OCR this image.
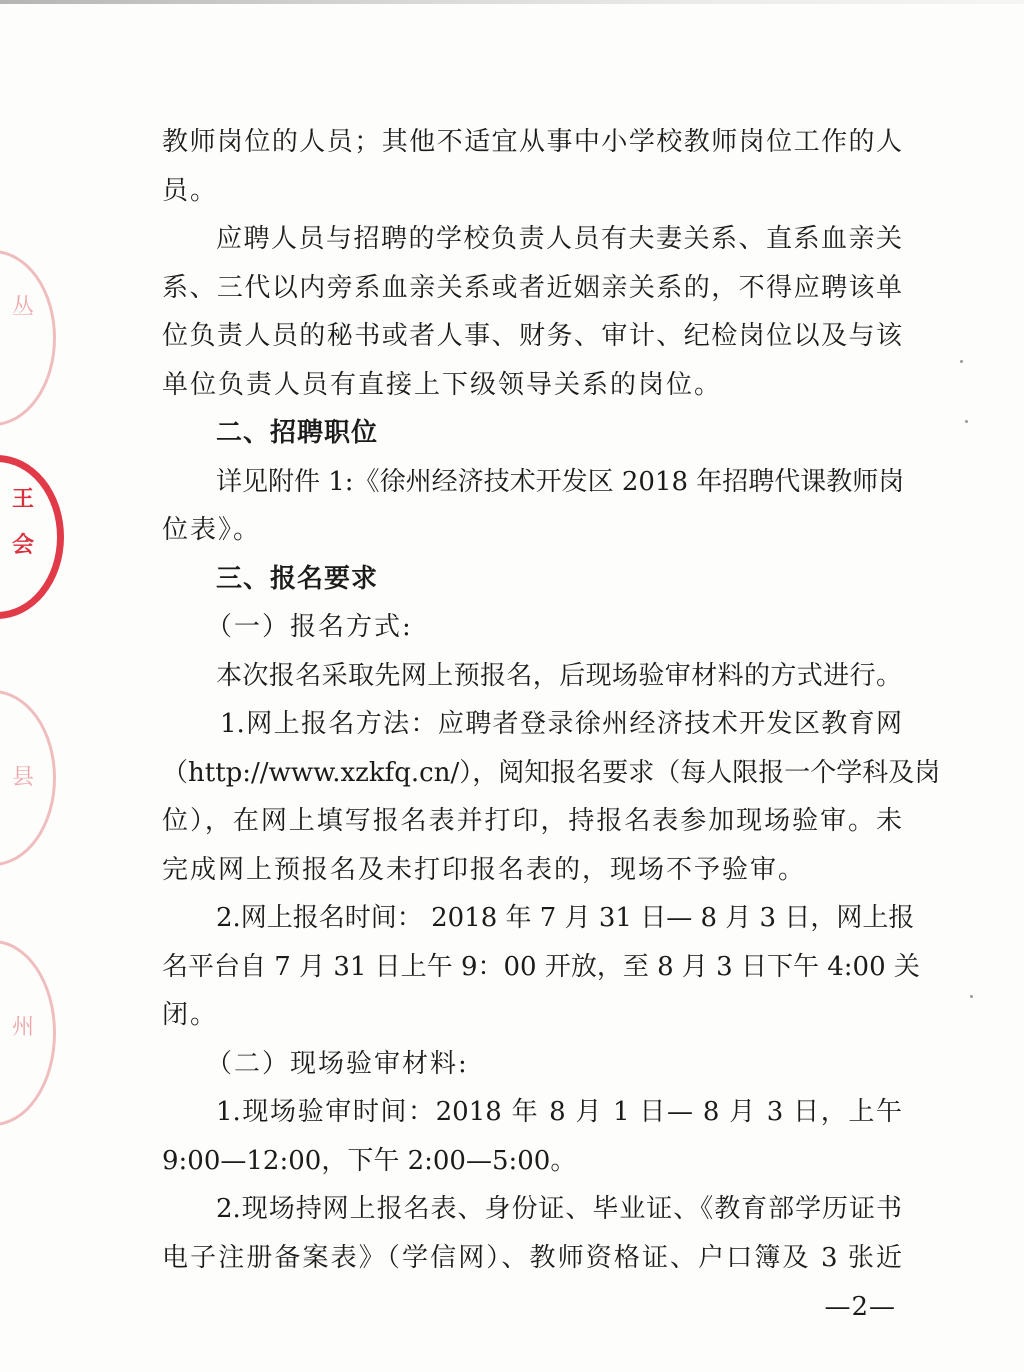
丛
王
会
县
州
教师岗位的人员；其他不适宜从事中小学校教师岗位工作的人
员。
应聘人员与招聘的学校负责人员有夫妻关系、直系血亲关
系、三代以内旁系血亲关系或者近姻亲关系的，不得应聘该单
位负责人员的秘书或者人事、财务、审计、纪检岗位以及与该
单位负责人员有直接上下级领导关系的岗位。
二、招聘职位
详见附件 1:《徐州经济技术开发区 2018 年招聘代课教师岗
位表》。
三、报名要求
（一）报名方式:
本次报名采取先网上预报名，后现场验审材料的方式进行。
1.网上报名方法：应聘者登录徐州经济技术开发区教育网
（http://www.xzkfq.cn/），阅知报名要求（每人限报一个学科及岗
位），在网上填写报名表并打印，持报名表参加现场验审。未
完成网上预报名及未打印报名表的，现场不予验审。
2.网上报名时间： 2018 年 7 月 31 日— 8 月 3 日，网上报
名平台自 7 月 31 日上午 9：00 开放，至 8 月 3 日下午 4:00 关
闭。
（二）现场验审材料:
1.现场验审时间：2018 年 8 月 1 日— 8 月 3 日，上午
9:00—12:00，下午 2:00—5:00。
2.现场持网上报名表、身份证、毕业证、《教育部学历证书
电子注册备案表》（学信网）、教师资格证、户口簿及 3 张近
—2—
